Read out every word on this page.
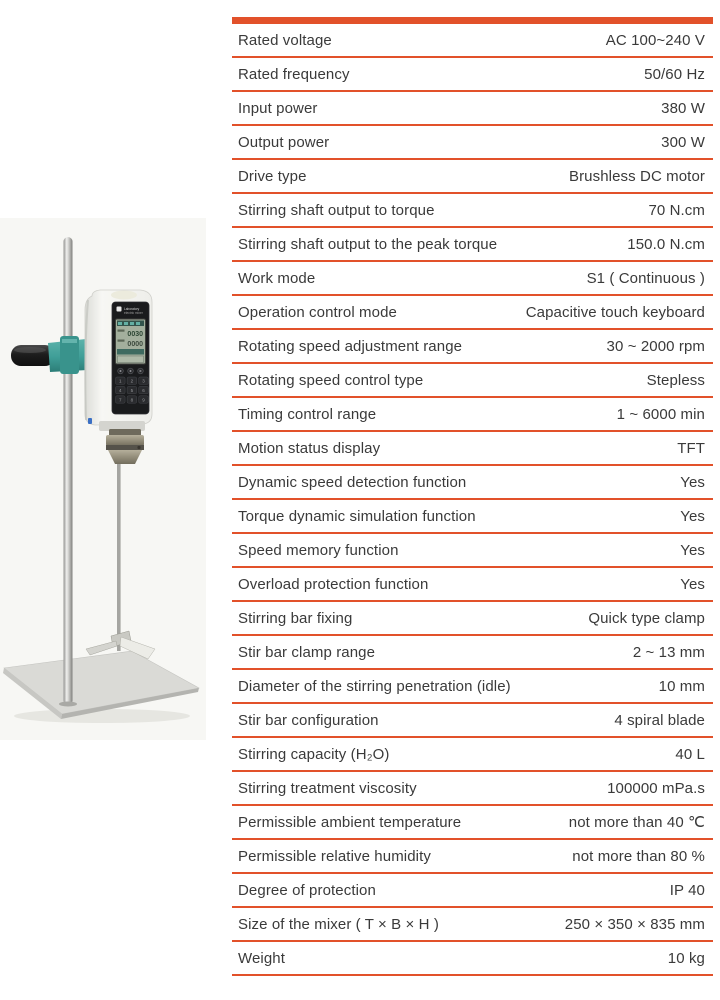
Laboratory
electric mixer
0030
0000
1 2 3
4 5 6
7 8 9
Rated voltage	AC 100~240 V
Rated frequency	50/60 Hz
Input power	380 W
Output power	300 W
Drive type	Brushless DC motor
Stirring shaft output to torque	70 N.cm
Stirring shaft output to the peak torque	150.0 N.cm
Work mode	S1 ( Continuous )
Operation control mode	Capacitive touch keyboard
Rotating speed adjustment range	30 ~ 2000 rpm
Rotating speed control type	Stepless
Timing control range	1 ~ 6000 min
Motion status display	TFT
Dynamic speed detection function	Yes
Torque dynamic simulation function	Yes
Speed memory function	Yes
Overload protection function	Yes
Stirring bar fixing	Quick type clamp
Stir bar clamp range	2 ~ 13 mm
Diameter of the stirring penetration (idle)	10 mm
Stir bar configuration	4 spiral blade
Stirring capacity (H₂O)	40 L
Stirring treatment viscosity	100000 mPa.s
Permissible ambient temperature	not more than 40 ℃
Permissible relative humidity	not more than 80 %
Degree of protection	IP 40
Size of the mixer ( T × B × H )	250 × 350 × 835 mm
Weight	10 kg
